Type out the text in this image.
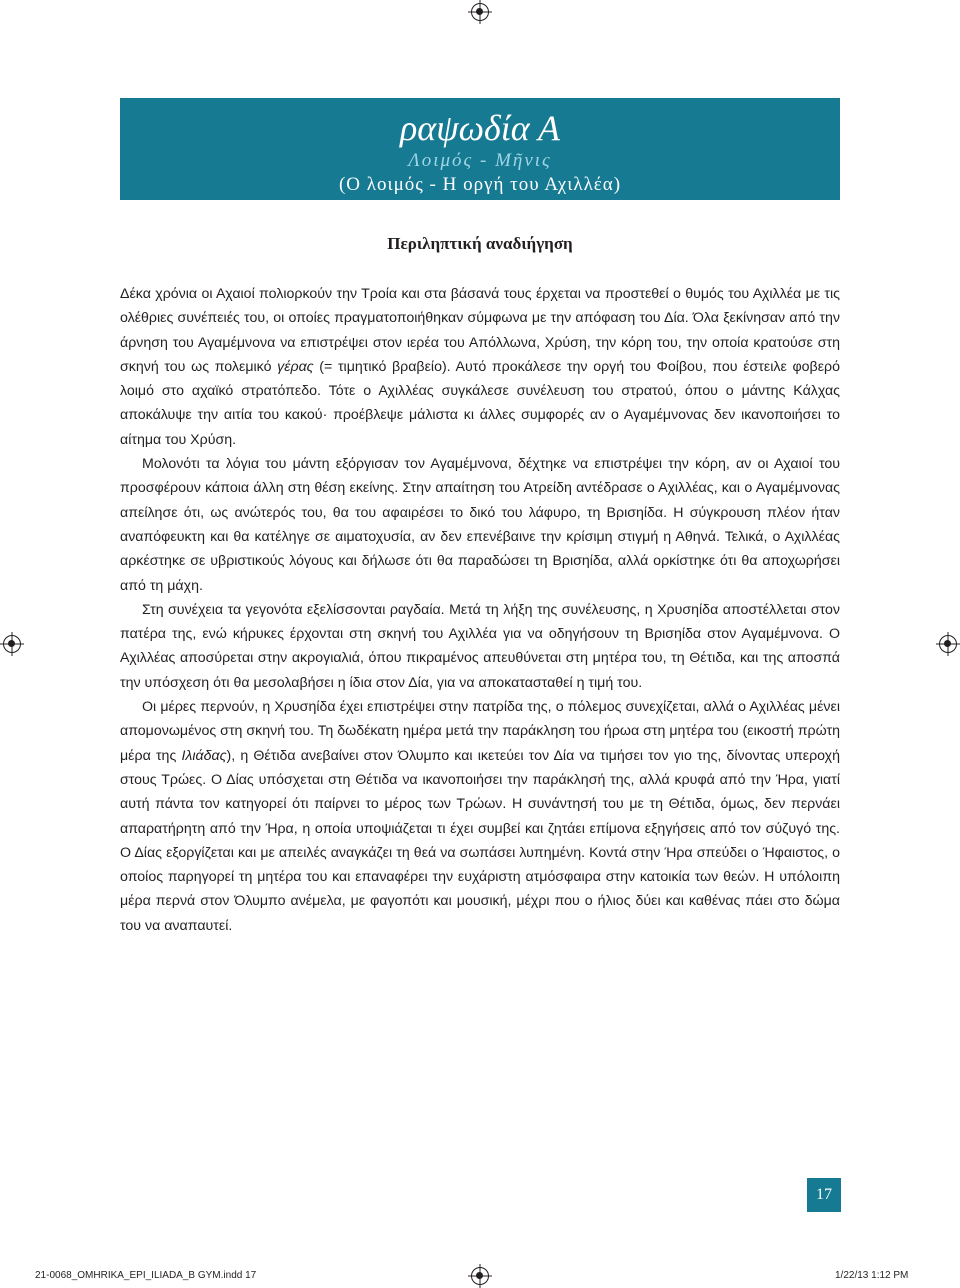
ραψωδία Α
Λοιμός - Μῆνις
(Ο λοιμός - Η οργή του Αχιλλέα)
Περιληπτική αναδιήγηση

Δέκα χρόνια οι Αχαιοί πολιορκούν την Τροία και στα βάσανά τους έρχεται να προστεθεί ο θυμός του Αχιλλέα με τις ολέθριες συνέπειές του, οι οποίες πραγματοποιήθηκαν σύμφωνα με την απόφαση του Δία. Όλα ξεκίνησαν από την άρνηση του Αγαμέμνονα να επιστρέψει στον ιερέα του Απόλλωνα, Χρύση, την κόρη του, την οποία κρατούσε στη σκηνή του ως πολεμικό γέρας (= τιμητικό βραβείο). Αυτό προκάλεσε την οργή του Φοίβου, που έστειλε φοβερό λοιμό στο αχαϊκό στρατόπεδο. Τότε ο Αχιλλέας συγκάλεσε συνέλευση του στρατού, όπου ο μάντης Κάλχας αποκάλυψε την αιτία του κακού· προέβλεψε μάλιστα κι άλλες συμφορές αν ο Αγαμέμνονας δεν ικανοποιήσει το αίτημα του Χρύση.

Μολονότι τα λόγια του μάντη εξόργισαν τον Αγαμέμνονα, δέχτηκε να επιστρέψει την κόρη, αν οι Αχαιοί του προσφέρουν κάποια άλλη στη θέση εκείνης. Στην απαίτηση του Ατρείδη αντέδρασε ο Αχιλλέας, και ο Αγαμέμνονας απείλησε ότι, ως ανώτερός του, θα του αφαιρέσει το δικό του λάφυρο, τη Βρισηίδα. Η σύγκρουση πλέον ήταν αναπόφευκτη και θα κατέληγε σε αιματοχυσία, αν δεν επενέβαινε την κρίσιμη στιγμή η Αθηνά. Τελικά, ο Αχιλλέας αρκέστηκε σε υβριστικούς λόγους και δήλωσε ότι θα παραδώσει τη Βρισηίδα, αλλά ορκίστηκε ότι θα αποχωρήσει από τη μάχη.

Στη συνέχεια τα γεγονότα εξελίσσονται ραγδαία. Μετά τη λήξη της συνέλευσης, η Χρυσηίδα αποστέλλεται στον πατέρα της, ενώ κήρυκες έρχονται στη σκηνή του Αχιλλέα για να οδηγήσουν τη Βρισηίδα στον Αγαμέμνονα. Ο Αχιλλέας αποσύρεται στην ακρογιαλιά, όπου πικραμένος απευθύνεται στη μητέρα του, τη Θέτιδα, και της αποσπά την υπόσχεση ότι θα μεσολαβήσει η ίδια στον Δία, για να αποκατασταθεί η τιμή του.

Οι μέρες περνούν, η Χρυσηίδα έχει επιστρέψει στην πατρίδα της, ο πόλεμος συνεχίζεται, αλλά ο Αχιλλέας μένει απομονωμένος στη σκηνή του. Τη δωδέκατη ημέρα μετά την παράκληση του ήρωα στη μητέρα του (εικοστή πρώτη μέρα της Ιλιάδας), η Θέτιδα ανεβαίνει στον Όλυμπο και ικετεύει τον Δία να τιμήσει τον γιο της, δίνοντας υπεροχή στους Τρώες. Ο Δίας υπόσχεται στη Θέτιδα να ικανοποιήσει την παράκλησή της, αλλά κρυφά από την Ήρα, γιατί αυτή πάντα τον κατηγορεί ότι παίρνει το μέρος των Τρώων. Η συνάντησή του με τη Θέτιδα, όμως, δεν περνάει απαρατήρητη από την Ήρα, η οποία υποψιάζεται τι έχει συμβεί και ζητάει επίμονα εξηγήσεις από τον σύζυγό της. Ο Δίας εξοργίζεται και με απειλές αναγκάζει τη θεά να σωπάσει λυπημένη. Κοντά στην Ήρα σπεύδει ο Ήφαιστος, ο οποίος παρηγορεί τη μητέρα του και επαναφέρει την ευχάριστη ατμόσφαιρα στην κατοικία των θεών. Η υπόλοιπη μέρα περνά στον Όλυμπο ανέμελα, με φαγοπότι και μουσική, μέχρι που ο ήλιος δύει και καθένας πάει στο δώμα του να αναπαυτεί.

17
21-0068_OMHRIKA_EPI_ILIADA_B GYM.indd 17	1/22/13 1:12 PM
